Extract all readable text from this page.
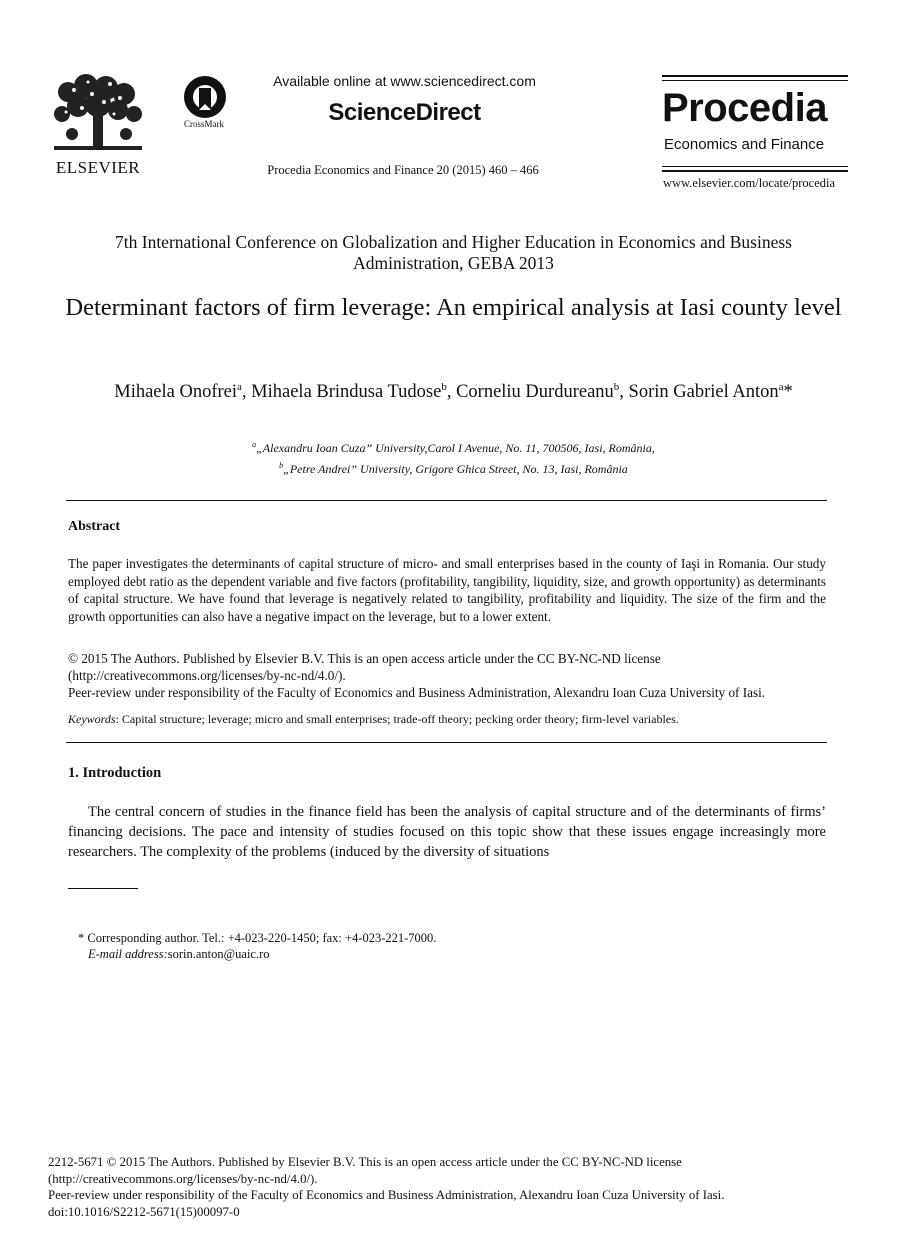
ELSEVIER
CrossMark
Available online at www.sciencedirect.com
ScienceDirect
Procedia Economics and Finance 20 (2015) 460 – 466
Procedia
Economics and Finance
www.elsevier.com/locate/procedia
7th International Conference on Globalization and Higher Education in Economics and Business Administration, GEBA 2013
Determinant factors of firm leverage: An empirical analysis at Iasi county level
Mihaela Onofrei$^a$, Mihaela Brindusa Tudose$^b$, Corneliu Durdureanu$^b$, Sorin Gabriel Anton$^a$*
$^a$„Alexandru Ioan Cuza” University,Carol I Avenue, No. 11, 700506, Iasi, România,
$^b$„Petre Andrei” University, Grigore Ghica Street, No. 13, Iasi, România
Abstract
The paper investigates the determinants of capital structure of micro- and small enterprises based in the county of Iaşi in Romania. Our study employed debt ratio as the dependent variable and five factors (profitability, tangibility, liquidity, size, and growth opportunity) as determinants of capital structure. We have found that leverage is negatively related to tangibility, profitability and liquidity. The size of the firm and the growth opportunities can also have a negative impact on the leverage, but to a lower extent.
© 2015 The Authors. Published by Elsevier B.V. This is an open access article under the CC BY-NC-ND license
(http://creativecommons.org/licenses/by-nc-nd/4.0/).
Peer-review under responsibility of the Faculty of Economics and Business Administration, Alexandru Ioan Cuza University of Iasi.
Keywords: Capital structure; leverage; micro and small enterprises; trade-off theory; pecking order theory; firm-level variables.
1. Introduction
The central concern of studies in the finance field has been the analysis of capital structure and of the determinants of firms’ financing decisions. The pace and intensity of studies focused on this topic show that these issues engage increasingly more researchers. The complexity of the problems (induced by the diversity of situations
* Corresponding author. Tel.: +4-023-220-1450; fax: +4-023-221-7000.
E-mail address:sorin.anton@uaic.ro
2212-5671 © 2015 The Authors. Published by Elsevier B.V. This is an open access article under the CC BY-NC-ND license
(http://creativecommons.org/licenses/by-nc-nd/4.0/).
Peer-review under responsibility of the Faculty of Economics and Business Administration, Alexandru Ioan Cuza University of Iasi.
doi:10.1016/S2212-5671(15)00097-0
